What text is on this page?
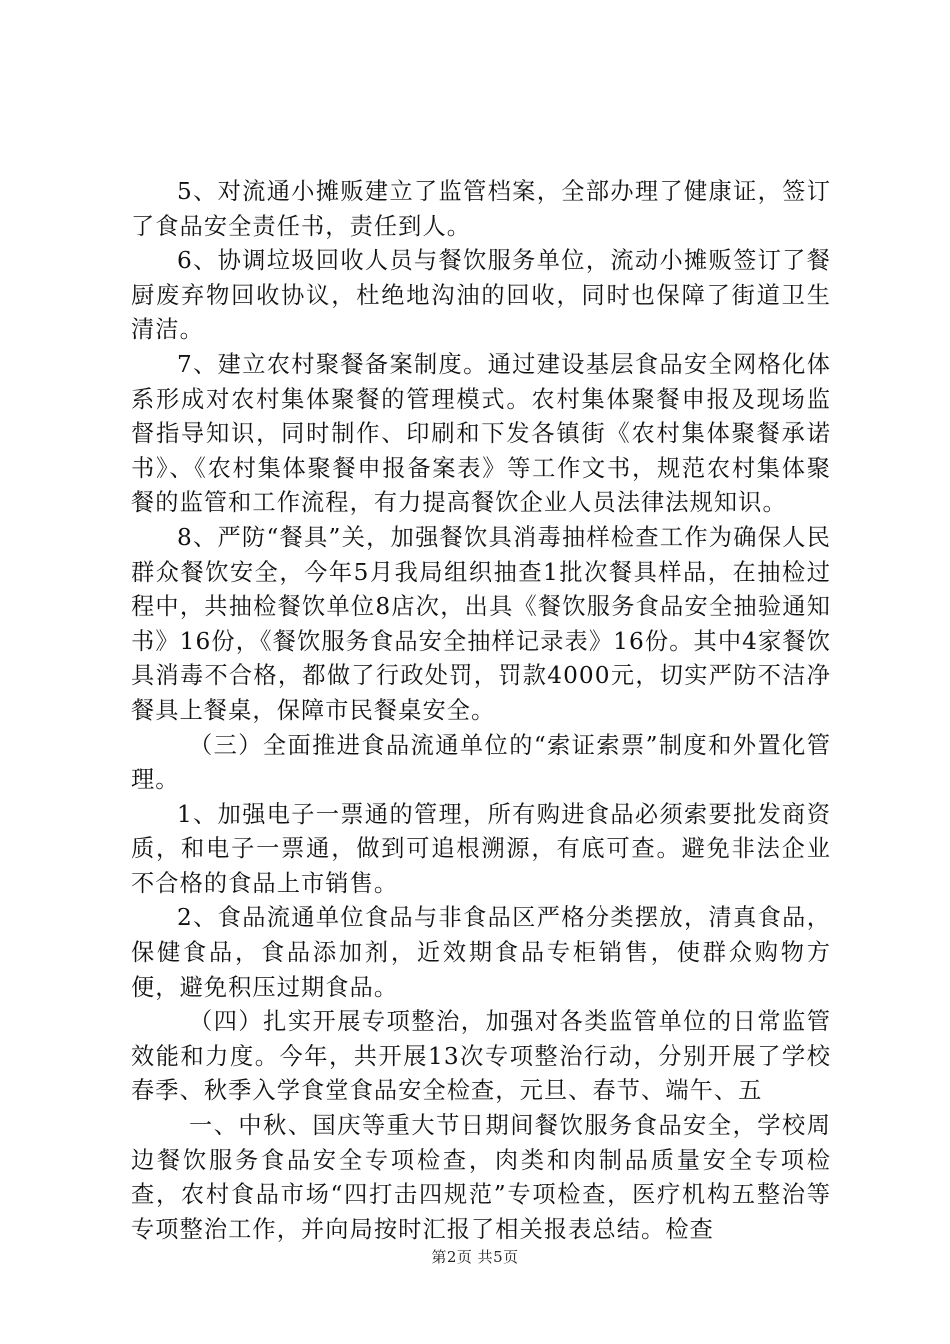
5、对流通小摊贩建立了监管档案，全部办理了健康证，签订了食品安全责任书，责任到人。

6、协调垃圾回收人员与餐饮服务单位，流动小摊贩签订了餐厨废弃物回收协议，杜绝地沟油的回收，同时也保障了街道卫生清洁。

7、建立农村聚餐备案制度。通过建设基层食品安全网格化体系形成对农村集体聚餐的管理模式。农村集体聚餐申报及现场监督指导知识，同时制作、印刷和下发各镇街《农村集体聚餐承诺书》、《农村集体聚餐申报备案表》等工作文书，规范农村集体聚餐的监管和工作流程，有力提高餐饮企业人员法律法规知识。

8、严防“餐具”关，加强餐饮具消毒抽样检查工作为确保人民群众餐饮安全，今年5月我局组织抽查1批次餐具样品，在抽检过程中，共抽检餐饮单位8店次，出具《餐饮服务食品安全抽验通知书》16份，《餐饮服务食品安全抽样记录表》16份。其中4家餐饮具消毒不合格，都做了行政处罚，罚款4000元，切实严防不洁净餐具上餐桌，保障市民餐桌安全。

（三）全面推进食品流通单位的“索证索票”制度和外置化管理。

1、加强电子一票通的管理，所有购进食品必须索要批发商资质，和电子一票通，做到可追根溯源，有底可查。避免非法企业不合格的食品上市销售。

2、食品流通单位食品与非食品区严格分类摆放，清真食品，保健食品，食品添加剂，近效期食品专柜销售，使群众购物方便，避免积压过期食品。

（四）扎实开展专项整治，加强对各类监管单位的日常监管效能和力度。今年，共开展13次专项整治行动，分别开展了学校春季、秋季入学食堂食品安全检查，元旦、春节、端午、五

一、中秋、国庆等重大节日期间餐饮服务食品安全，学校周边餐饮服务食品安全专项检查，肉类和肉制品质量安全专项检查，农村食品市场“四打击四规范”专项检查，医疗机构五整治等专项整治工作，并向局按时汇报了相关报表总结。检查

第2页 共5页
